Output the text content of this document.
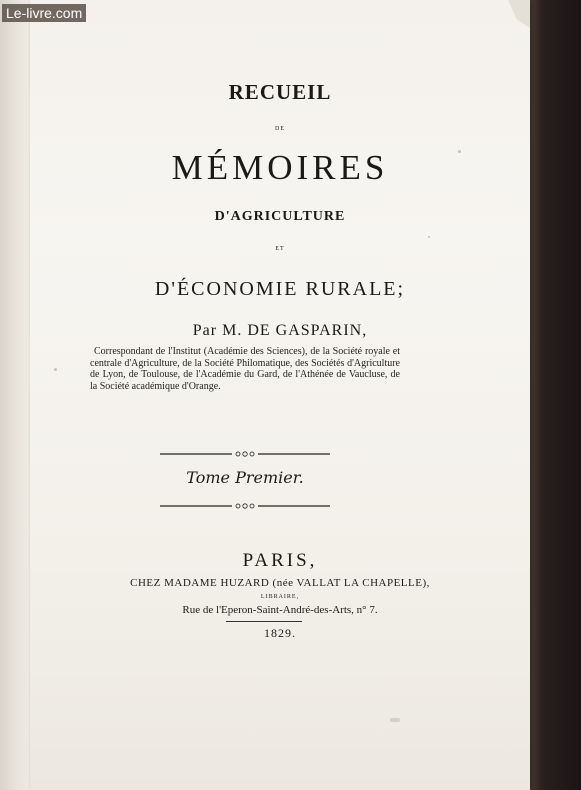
RECUEIL
DE
MÉMOIRES
D'AGRICULTURE
ET
D'ÉCONOMIE RURALE;
Par M. DE GASPARIN,
Correspondant de l'Institut (Académie des Sciences), de la Société royale et centrale d'Agriculture, de la Société Philomatique, des Sociétés d'Agriculture de Lyon, de Toulouse, de l'Académie du Gard, de l'Athénée de Vaucluse, de la Société académique d'Orange.
Tome Premier.
PARIS,
CHEZ MADAME HUZARD (née VALLAT LA CHAPELLE),
LIBRAIRE,
Rue de l'Eperon-Saint-André-des-Arts, n° 7.
1829.
Le-livre.com
